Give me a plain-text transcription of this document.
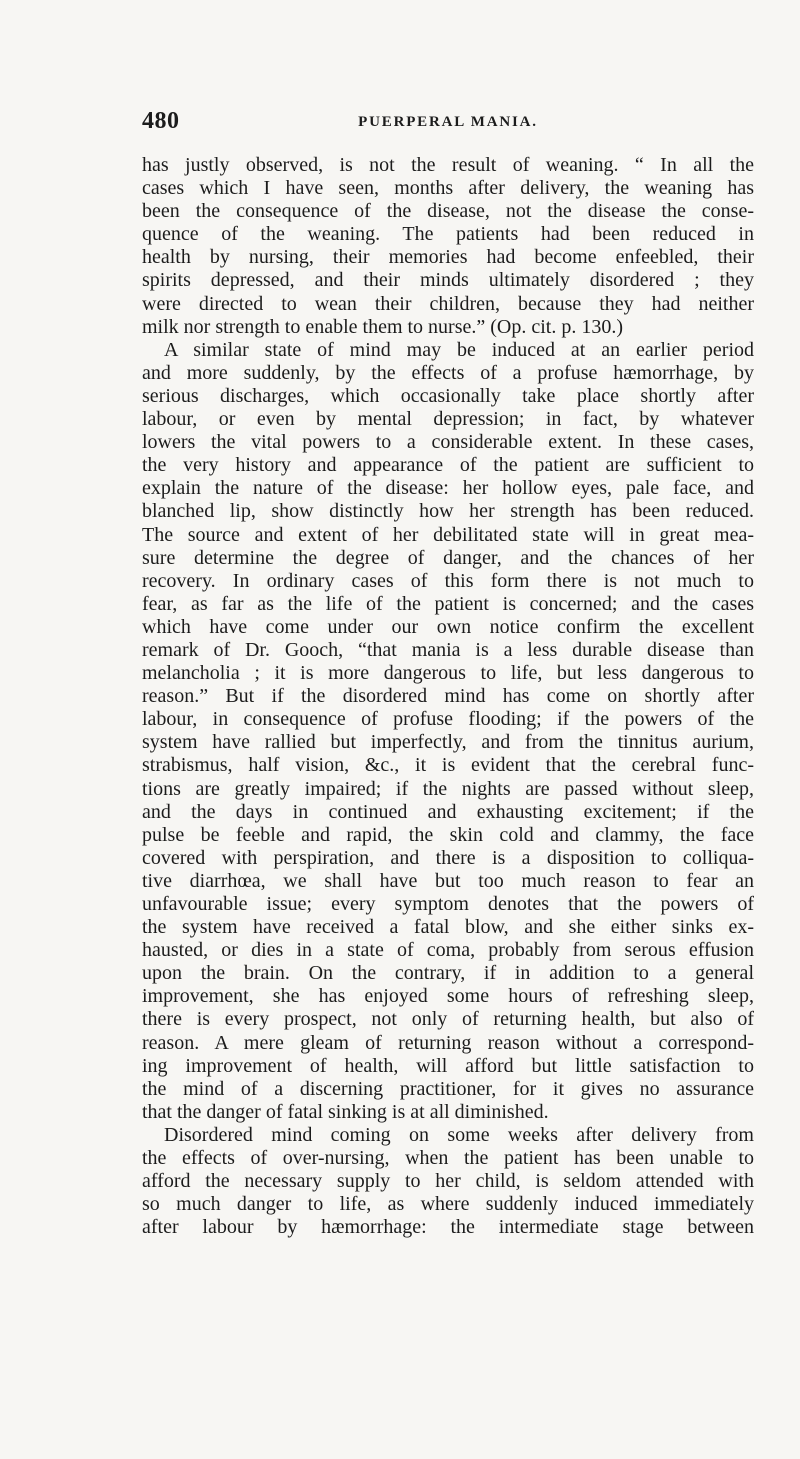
480	PUERPERAL MANIA.
has justly observed, is not the result of weaning. “ In all the
cases which I have seen, months after delivery, the weaning has
been the consequence of the disease, not the disease the conse-
quence of the weaning. The patients had been reduced in
health by nursing, their memories had become enfeebled, their
spirits depressed, and their minds ultimately disordered ; they
were directed to wean their children, because they had neither
milk nor strength to enable them to nurse.” (Op. cit. p. 130.)
A similar state of mind may be induced at an earlier period
and more suddenly, by the effects of a profuse hæmorrhage, by
serious discharges, which occasionally take place shortly after
labour, or even by mental depression; in fact, by whatever
lowers the vital powers to a considerable extent. In these cases,
the very history and appearance of the patient are sufficient to
explain the nature of the disease: her hollow eyes, pale face, and
blanched lip, show distinctly how her strength has been reduced.
The source and extent of her debilitated state will in great mea-
sure determine the degree of danger, and the chances of her
recovery. In ordinary cases of this form there is not much to
fear, as far as the life of the patient is concerned; and the cases
which have come under our own notice confirm the excellent
remark of Dr. Gooch, “that mania is a less durable disease than
melancholia ; it is more dangerous to life, but less dangerous to
reason.” But if the disordered mind has come on shortly after
labour, in consequence of profuse flooding; if the powers of the
system have rallied but imperfectly, and from the tinnitus aurium,
strabismus, half vision, &c., it is evident that the cerebral func-
tions are greatly impaired; if the nights are passed without sleep,
and the days in continued and exhausting excitement; if the
pulse be feeble and rapid, the skin cold and clammy, the face
covered with perspiration, and there is a disposition to colliqua-
tive diarrhœa, we shall have but too much reason to fear an
unfavourable issue; every symptom denotes that the powers of
the system have received a fatal blow, and she either sinks ex-
hausted, or dies in a state of coma, probably from serous effusion
upon the brain. On the contrary, if in addition to a general
improvement, she has enjoyed some hours of refreshing sleep,
there is every prospect, not only of returning health, but also of
reason. A mere gleam of returning reason without a correspond-
ing improvement of health, will afford but little satisfaction to
the mind of a discerning practitioner, for it gives no assurance
that the danger of fatal sinking is at all diminished.
Disordered mind coming on some weeks after delivery from
the effects of over-nursing, when the patient has been unable to
afford the necessary supply to her child, is seldom attended with
so much danger to life, as where suddenly induced immediately
after labour by hæmorrhage: the intermediate stage between
